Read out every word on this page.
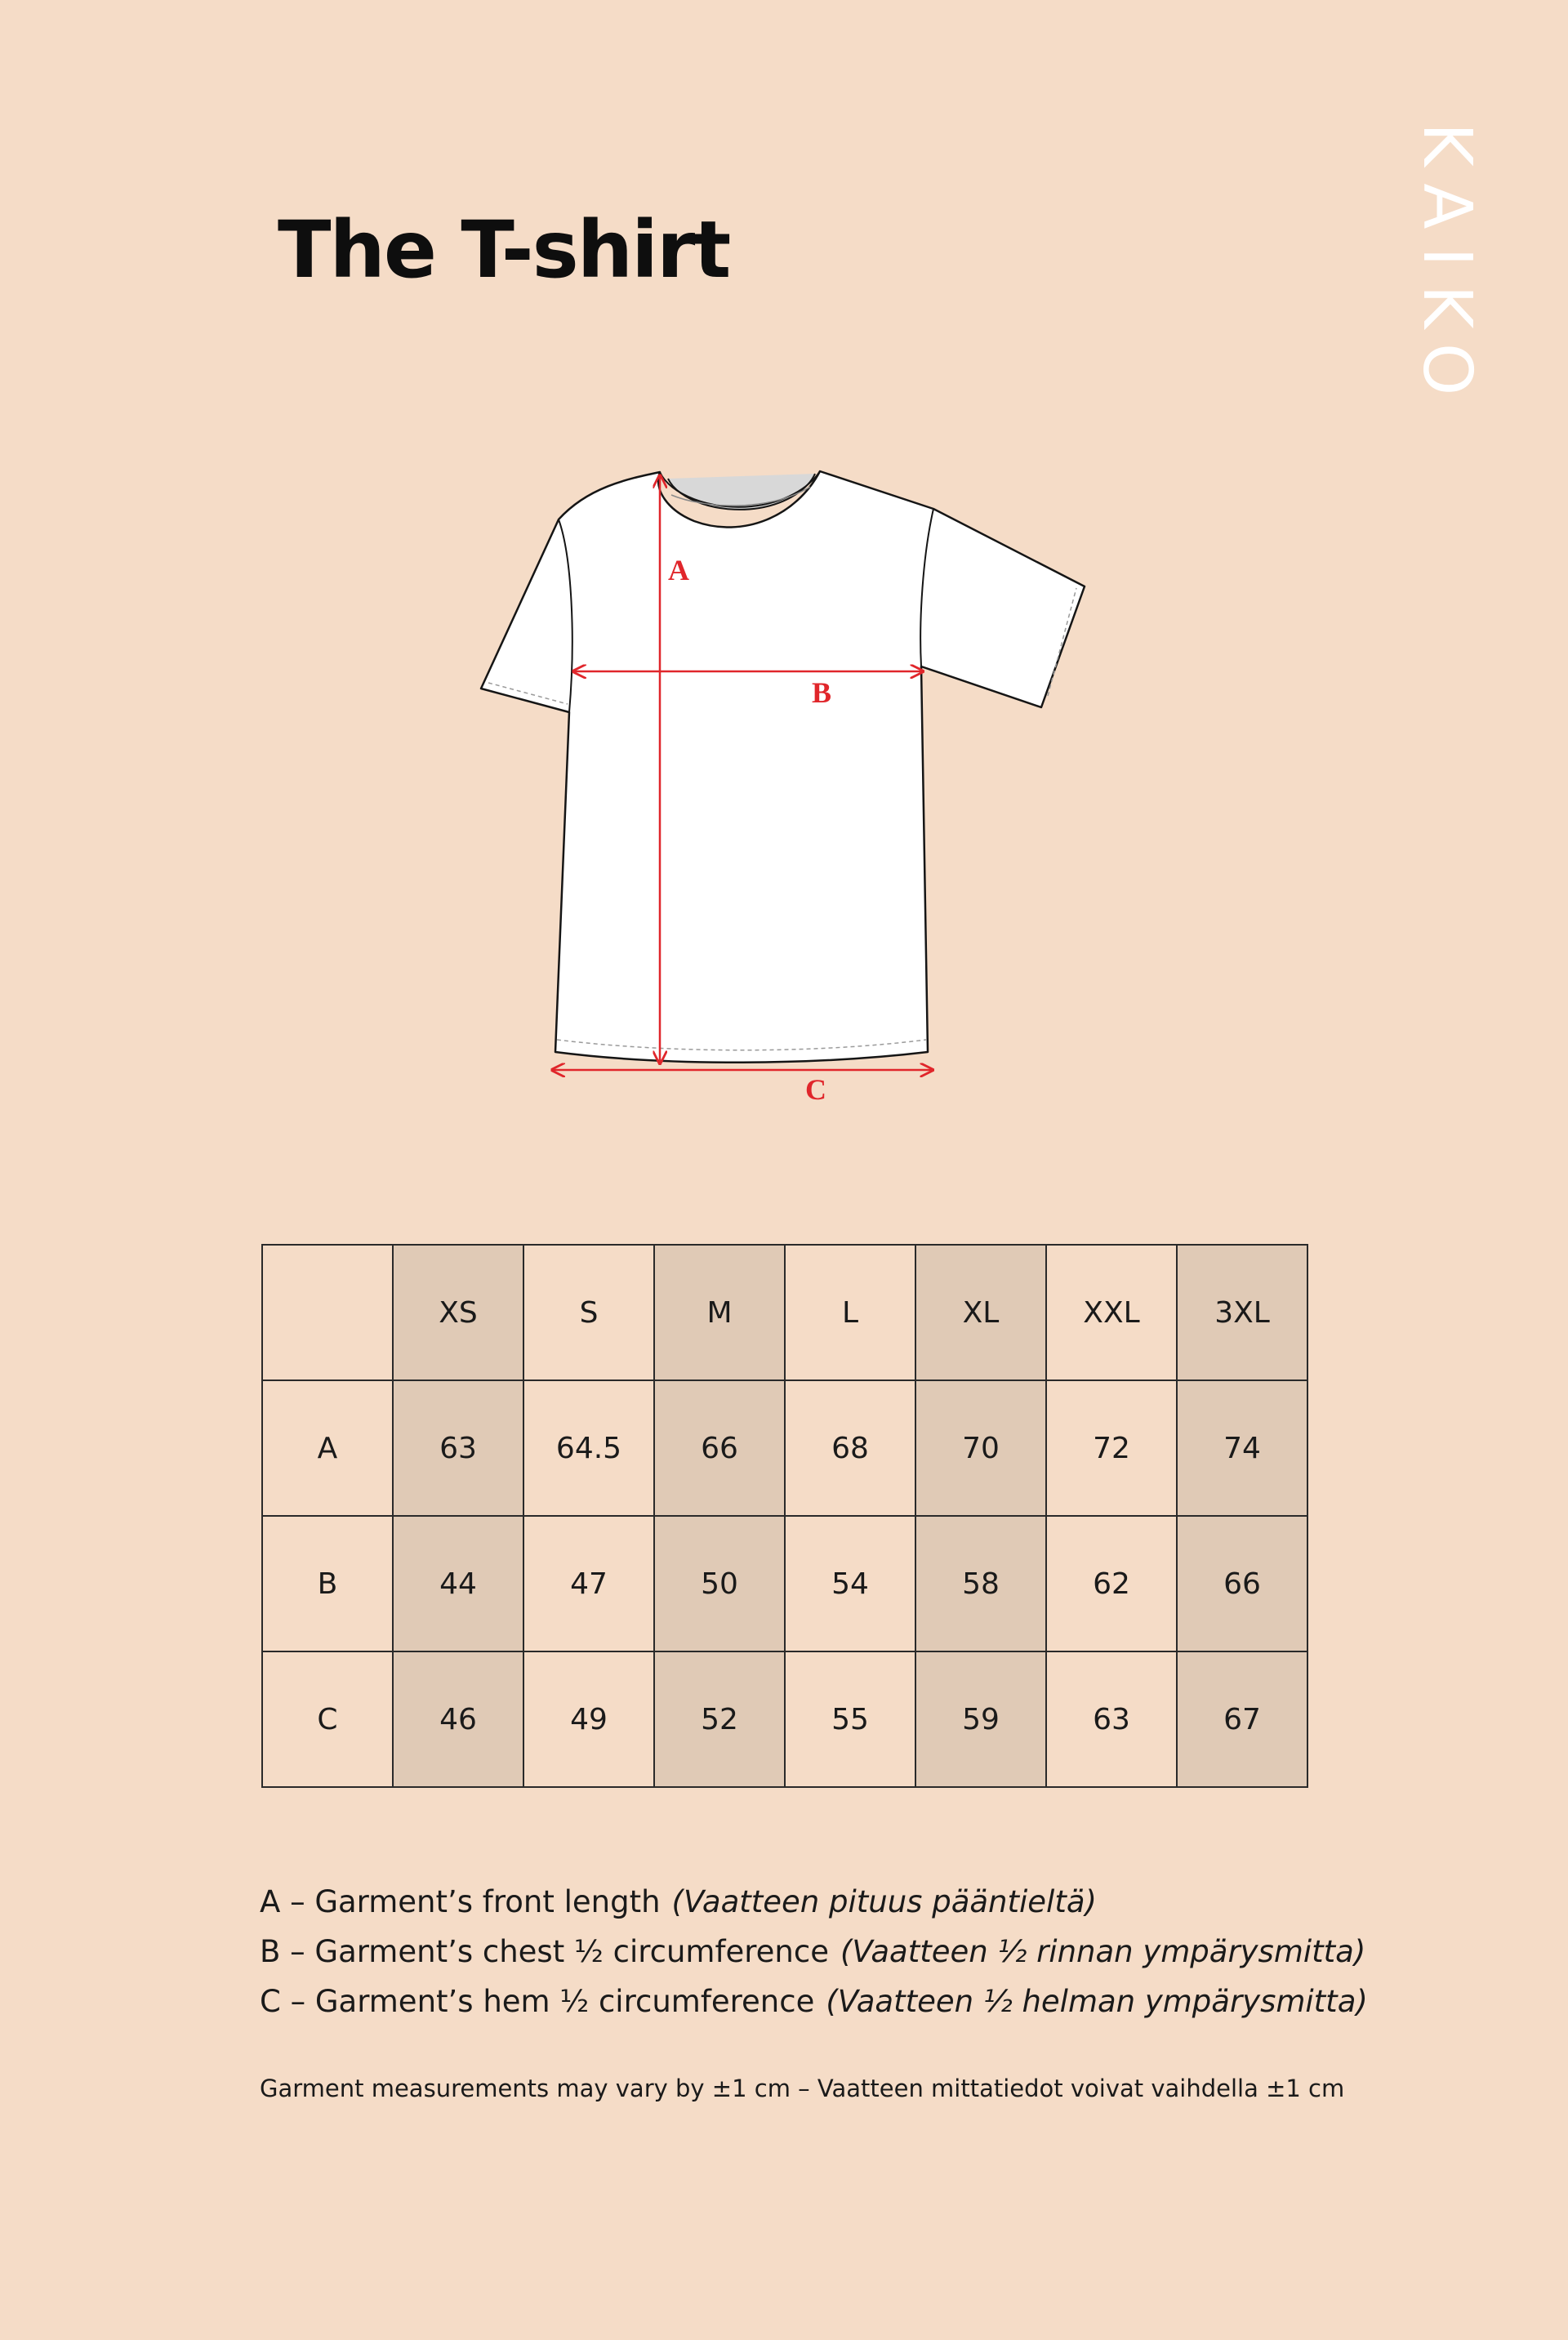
The T-shirt	KAIKO
A
B
C
	XS	S	M	L	XL	XXL	3XL
A	63	64.5	66	68	70	72	74
B	44	47	50	54	58	62	66
C	46	49	52	55	59	63	67
A – Garment’s front length (Vaatteen pituus pääntieltä)
B – Garment’s chest ½ circumference (Vaatteen ½ rinnan ympärysmitta)
C – Garment’s hem ½ circumference (Vaatteen ½ helman ympärysmitta)
Garment measurements may vary by ±1 cm – Vaatteen mittatiedot voivat vaihdella ±1 cm
